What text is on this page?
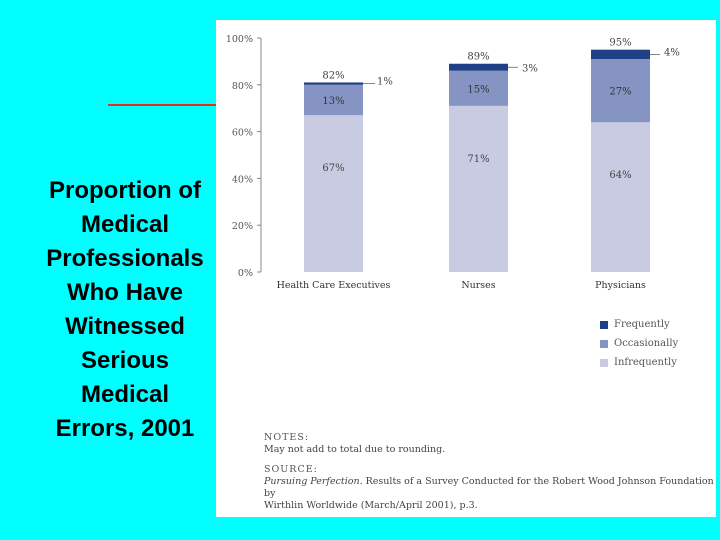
Proportion of
Medical
Professionals
Who Have
Witnessed
Serious
Medical
Errors, 2001
0%
20%
40%
60%
80%
100%
67%
13%
1%
82%
Health Care Executives
71%
15%
3%
89%
Nurses
64%
27%
4%
95%
Physicians
Frequently
Occasionally
Infrequently
NOTES:
May not add to total due to rounding.
SOURCE:
Pursuing Perfection. Results of a Survey Conducted for the Robert Wood Johnson Foundation by
Wirthlin Worldwide (March/April 2001), p.3.
